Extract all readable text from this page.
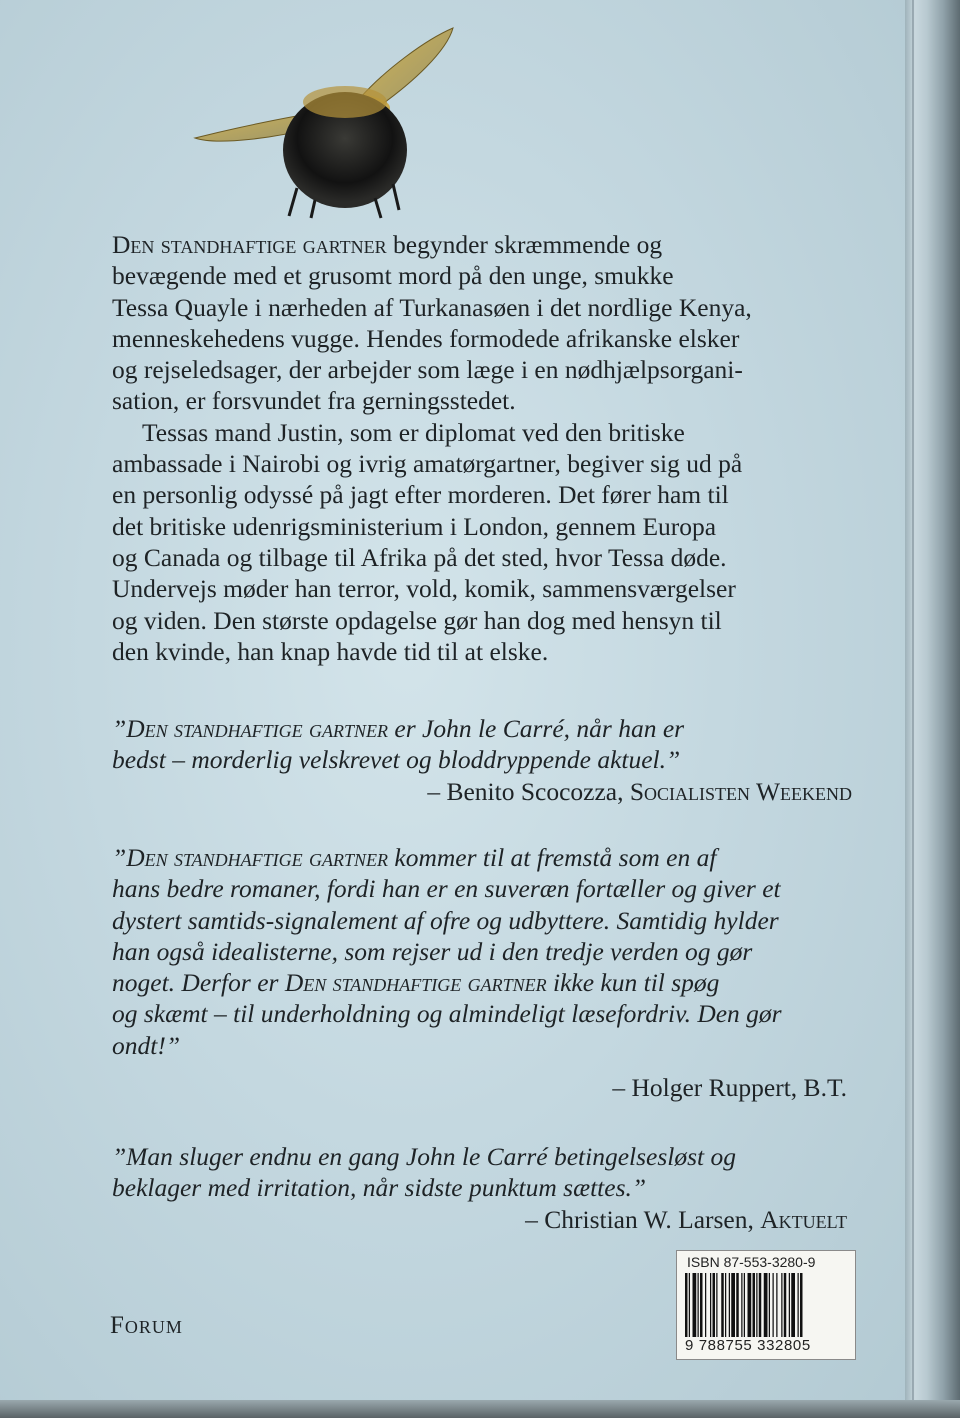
Den standhaftige gartner begynder skræmmende og
bevægende med et grusomt mord på den unge, smukke
Tessa Quayle i nærheden af Turkanasøen i det nordlige Kenya,
menneskehedens vugge. Hendes formodede afrikanske elsker
og rejseledsager, der arbejder som læge i en nødhjælpsorgani-
sation, er forsvundet fra gerningsstedet.
Tessas mand Justin, som er diplomat ved den britiske
ambassade i Nairobi og ivrig amatørgartner, begiver sig ud på
en personlig odyssé på jagt efter morderen. Det fører ham til
det britiske udenrigsministerium i London, gennem Europa
og Canada og tilbage til Afrika på det sted, hvor Tessa døde.
Undervejs møder han terror, vold, komik, sammensværgelser
og viden. Den største opdagelse gør han dog med hensyn til
den kvinde, han knap havde tid til at elske.
”Den standhaftige gartner er John le Carré, når han er
bedst – morderlig velskrevet og bloddryppende aktuel.”
– Benito Scocozza, Socialisten Weekend
”Den standhaftige gartner kommer til at fremstå som en af
hans bedre romaner, fordi han er en suveræn fortæller og giver et
dystert samtids-signalement af ofre og udbyttere. Samtidig hylder
han også idealisterne, som rejser ud i den tredje verden og gør
noget. Derfor er Den standhaftige gartner ikke kun til spøg
og skæmt – til underholdning og almindeligt læsefordriv. Den gør
ondt!”
– Holger Ruppert, B.T.
”Man sluger endnu en gang John le Carré betingelsesløst og
beklager med irritation, når sidste punktum sættes.”
– Christian W. Larsen, Aktuelt
Forum
ISBN 87-553-3280-9
9 788755 332805
